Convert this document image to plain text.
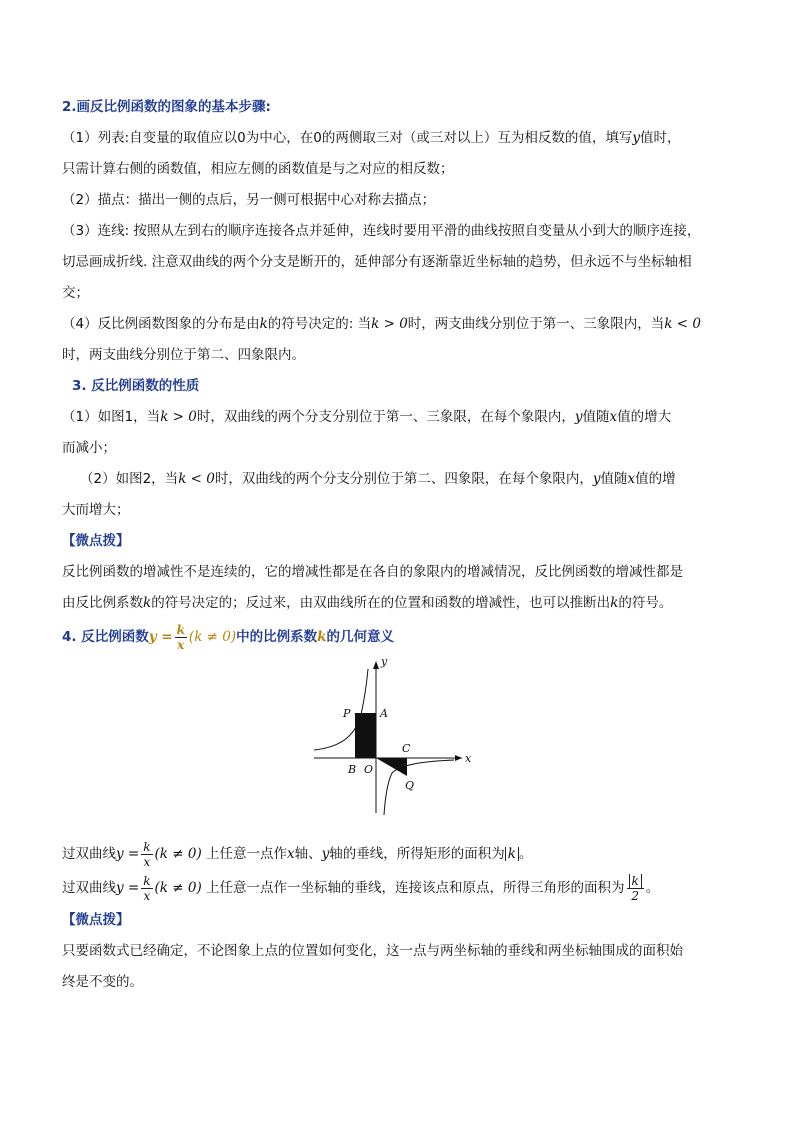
2.画反比例函数的图象的基本步骤:

（1）列表:自变量的取值应以0为中心，在0的两侧取三对（或三对以上）互为相反数的值，填写y值时，
只需计算右侧的函数值，相应左侧的函数值是与之对应的相反数；

（2）描点：描出一侧的点后，另一侧可根据中心对称去描点；

（3）连线: 按照从左到右的顺序连接各点并延伸，连线时要用平滑的曲线按照自变量从小到大的顺序连接，
切忌画成折线. 注意双曲线的两个分支是断开的，延伸部分有逐渐靠近坐标轴的趋势，但永远不与坐标轴相
交；

（4）反比例函数图象的分布是由k的符号决定的: 当k > 0时，两支曲线分别位于第一、三象限内，当k < 0
时，两支曲线分别位于第二、四象限内。

3. 反比例函数的性质

（1）如图1，当k > 0时，双曲线的两个分支分别位于第一、三象限，在每个象限内，y值随x值的增大
而减小；

（2）如图2，当k < 0时，双曲线的两个分支分别位于第二、四象限，在每个象限内，y值随x值的增
大而增大；

【微点拨】

反比例函数的增减性不是连续的，它的增减性都是在各自的象限内的增减情况，反比例函数的增减性都是
由反比例系数k的符号决定的；反过来，由双曲线所在的位置和函数的增减性，也可以推断出k的符号。

4. 反比例函数$y = \frac{k}{x} (k \ne 0)$中的比例系数k的几何意义

y
x
P	A
B O
C
Q

过双曲线$y = \frac{k}{x} (k \ne 0)$ 上任意一点作x轴、y轴的垂线，所得矩形的面积为 k 。

过双曲线$y = \frac{k}{x} (k \ne 0)$ 上任意一点作一坐标轴的垂线，连接该点和原点，所得三角形的面积为 $\frac{k}{2}$ 。

【微点拨】

只要函数式已经确定，不论图象上点的位置如何变化，这一点与两坐标轴的垂线和两坐标轴围成的面积始
终是不变的。
